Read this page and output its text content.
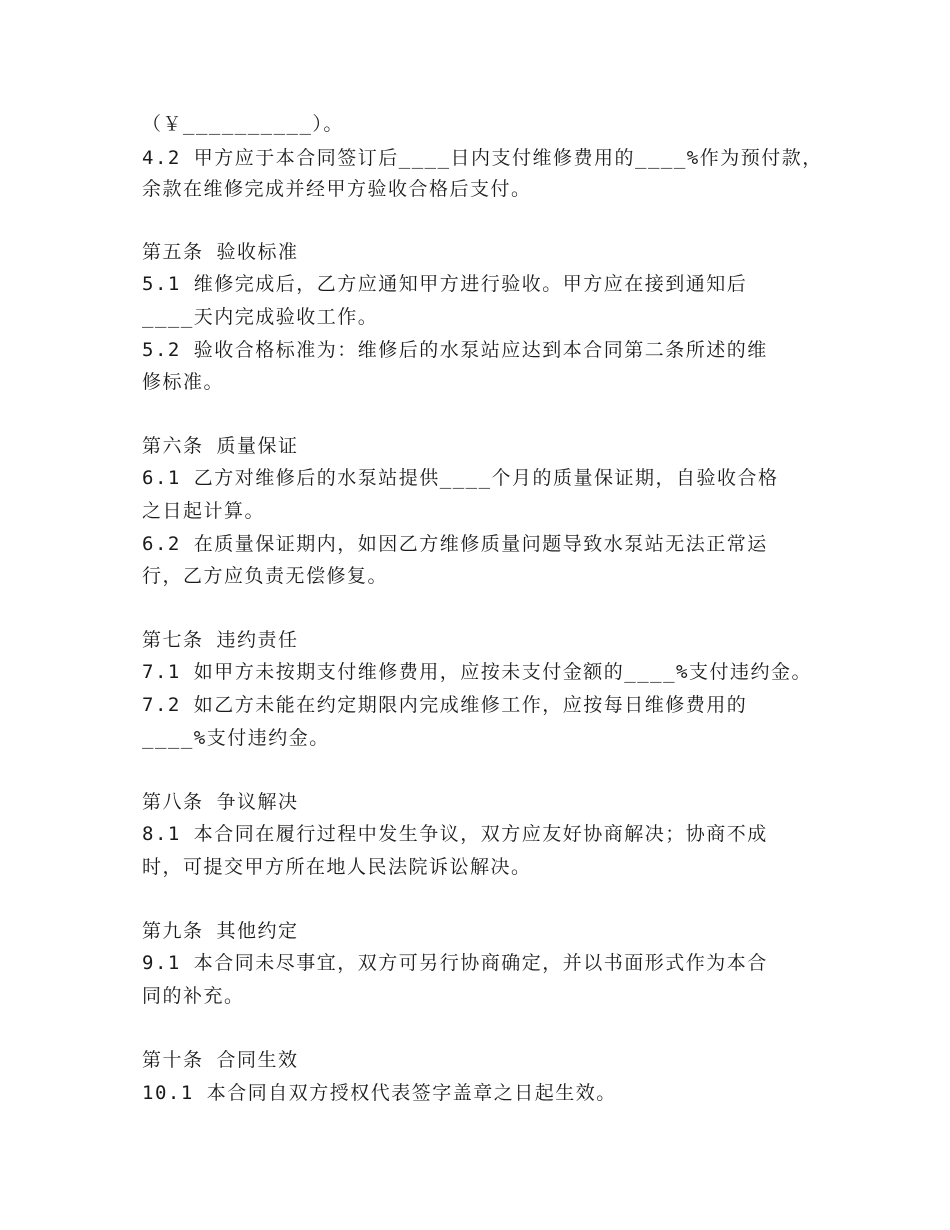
（￥__________）。
4.2 甲方应于本合同签订后____日内支付维修费用的____%作为预付款，
余款在维修完成并经甲方验收合格后支付。
第五条 验收标准
5.1 维修完成后，乙方应通知甲方进行验收。甲方应在接到通知后
____天内完成验收工作。
5.2 验收合格标准为：维修后的水泵站应达到本合同第二条所述的维
修标准。
第六条 质量保证
6.1 乙方对维修后的水泵站提供____个月的质量保证期，自验收合格
之日起计算。
6.2 在质量保证期内，如因乙方维修质量问题导致水泵站无法正常运
行，乙方应负责无偿修复。
第七条 违约责任
7.1 如甲方未按期支付维修费用，应按未支付金额的____%支付违约金。
7.2 如乙方未能在约定期限内完成维修工作，应按每日维修费用的
____%支付违约金。
第八条 争议解决
8.1 本合同在履行过程中发生争议，双方应友好协商解决；协商不成
时，可提交甲方所在地人民法院诉讼解决。
第九条 其他约定
9.1 本合同未尽事宜，双方可另行协商确定，并以书面形式作为本合
同的补充。
第十条 合同生效
10.1 本合同自双方授权代表签字盖章之日起生效。
